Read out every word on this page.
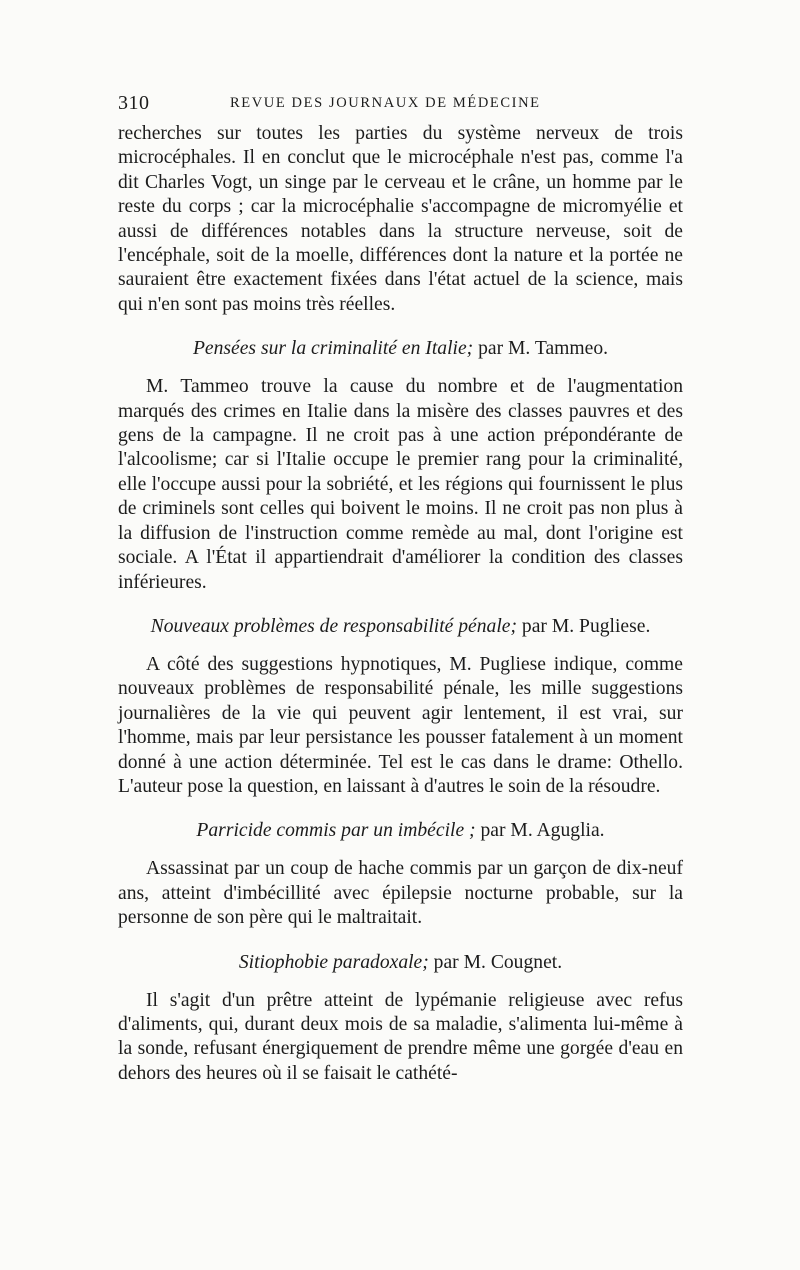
310	REVUE DES JOURNAUX DE MÉDECINE

recherches sur toutes les parties du système nerveux de trois microcéphales. Il en conclut que le microcéphale n'est pas, comme l'a dit Charles Vogt, un singe par le cerveau et le crâne, un homme par le reste du corps ; car la microcéphalie s'accompagne de micromyélie et aussi de différences notables dans la structure nerveuse, soit de l'encéphale, soit de la moelle, différences dont la nature et la portée ne sauraient être exactement fixées dans l'état actuel de la science, mais qui n'en sont pas moins très réelles.

Pensées sur la criminalité en Italie; par M. Tammeo.

M. Tammeo trouve la cause du nombre et de l'augmentation marqués des crimes en Italie dans la misère des classes pauvres et des gens de la campagne. Il ne croit pas à une action prépondérante de l'alcoolisme; car si l'Italie occupe le premier rang pour la criminalité, elle l'occupe aussi pour la sobriété, et les régions qui fournissent le plus de criminels sont celles qui boivent le moins. Il ne croit pas non plus à la diffusion de l'instruction comme remède au mal, dont l'origine est sociale. A l'État il appartiendrait d'améliorer la condition des classes inférieures.

Nouveaux problèmes de responsabilité pénale; par M. Pugliese.

A côté des suggestions hypnotiques, M. Pugliese indique, comme nouveaux problèmes de responsabilité pénale, les mille suggestions journalières de la vie qui peuvent agir lentement, il est vrai, sur l'homme, mais par leur persistance les pousser fatalement à un moment donné à une action déterminée. Tel est le cas dans le drame: Othello. L'auteur pose la question, en laissant à d'autres le soin de la résoudre.

Parricide commis par un imbécile ; par M. Aguglia.

Assassinat par un coup de hache commis par un garçon de dix-neuf ans, atteint d'imbécillité avec épilepsie nocturne probable, sur la personne de son père qui le maltraitait.

Sitiophobie paradoxale; par M. Cougnet.

Il s'agit d'un prêtre atteint de lypémanie religieuse avec refus d'aliments, qui, durant deux mois de sa maladie, s'alimenta lui-même à la sonde, refusant énergiquement de prendre même une gorgée d'eau en dehors des heures où il se faisait le cathété-
